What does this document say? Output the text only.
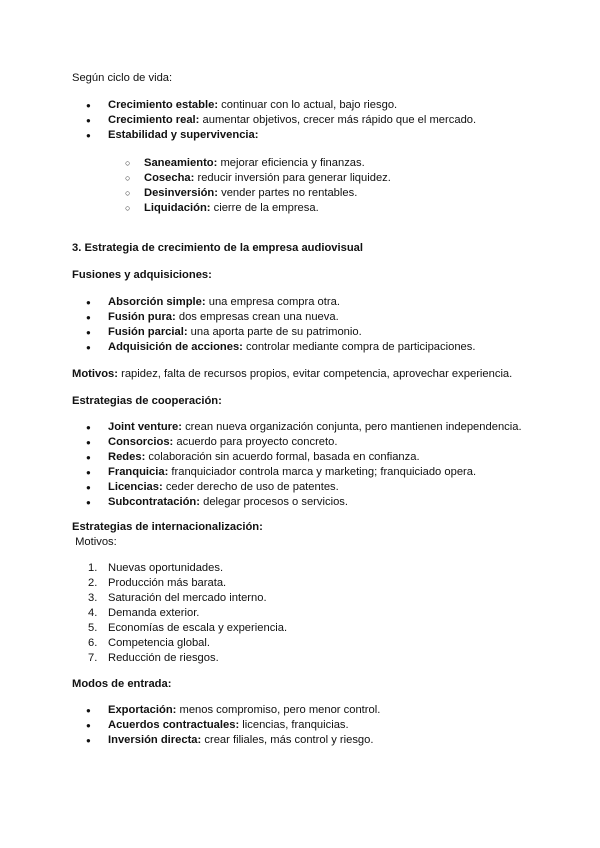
Según ciclo de vida:

● Crecimiento estable: continuar con lo actual, bajo riesgo.
● Crecimiento real: aumentar objetivos, crecer más rápido que el mercado.
● Estabilidad y supervivencia:
○ Saneamiento: mejorar eficiencia y finanzas.
○ Cosecha: reducir inversión para generar liquidez.
○ Desinversión: vender partes no rentables.
○ Liquidación: cierre de la empresa.

3. Estrategia de crecimiento de la empresa audiovisual

Fusiones y adquisiciones:

● Absorción simple: una empresa compra otra.
● Fusión pura: dos empresas crean una nueva.
● Fusión parcial: una aporta parte de su patrimonio.
● Adquisición de acciones: controlar mediante compra de participaciones.

Motivos: rapidez, falta de recursos propios, evitar competencia, aprovechar experiencia.

Estrategias de cooperación:

● Joint venture: crean nueva organización conjunta, pero mantienen independencia.
● Consorcios: acuerdo para proyecto concreto.
● Redes: colaboración sin acuerdo formal, basada en confianza.
● Franquicia: franquiciador controla marca y marketing; franquiciado opera.
● Licencias: ceder derecho de uso de patentes.
● Subcontratación: delegar procesos o servicios.

Estrategias de internacionalización:

Motivos:

1. Nuevas oportunidades.
2. Producción más barata.
3. Saturación del mercado interno.
4. Demanda exterior.
5. Economías de escala y experiencia.
6. Competencia global.
7. Reducción de riesgos.

Modos de entrada:

● Exportación: menos compromiso, pero menor control.
● Acuerdos contractuales: licencias, franquicias.
● Inversión directa: crear filiales, más control y riesgo.
